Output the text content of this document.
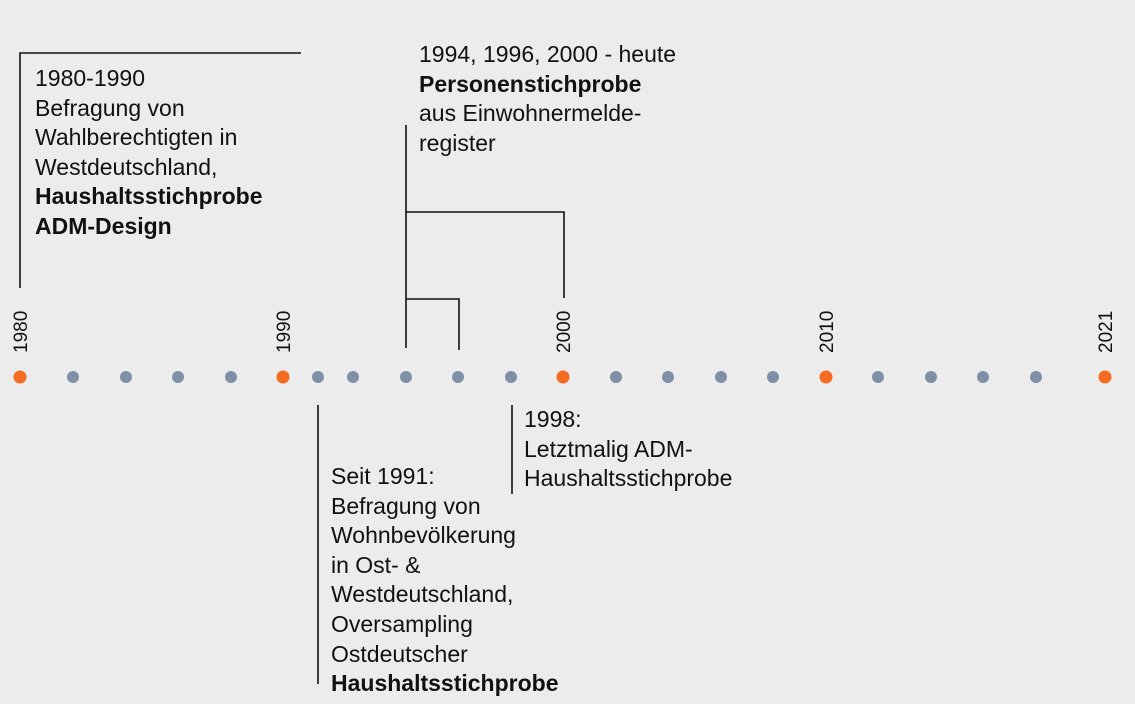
1980	1990	2000	2010	2021
1980-1990
Befragung von
Wahlberechtigten in
Westdeutschland,
Haushaltsstichprobe
ADM-Design
1994, 1996, 2000 - heute
Personenstichprobe
aus Einwohnermelde-
register
Seit 1991:
Befragung von
Wohnbevölkerung
in Ost- &
Westdeutschland,
Oversampling
Ostdeutscher
Haushaltsstichprobe
1998:
Letztmalig ADM-
Haushaltsstichprobe
